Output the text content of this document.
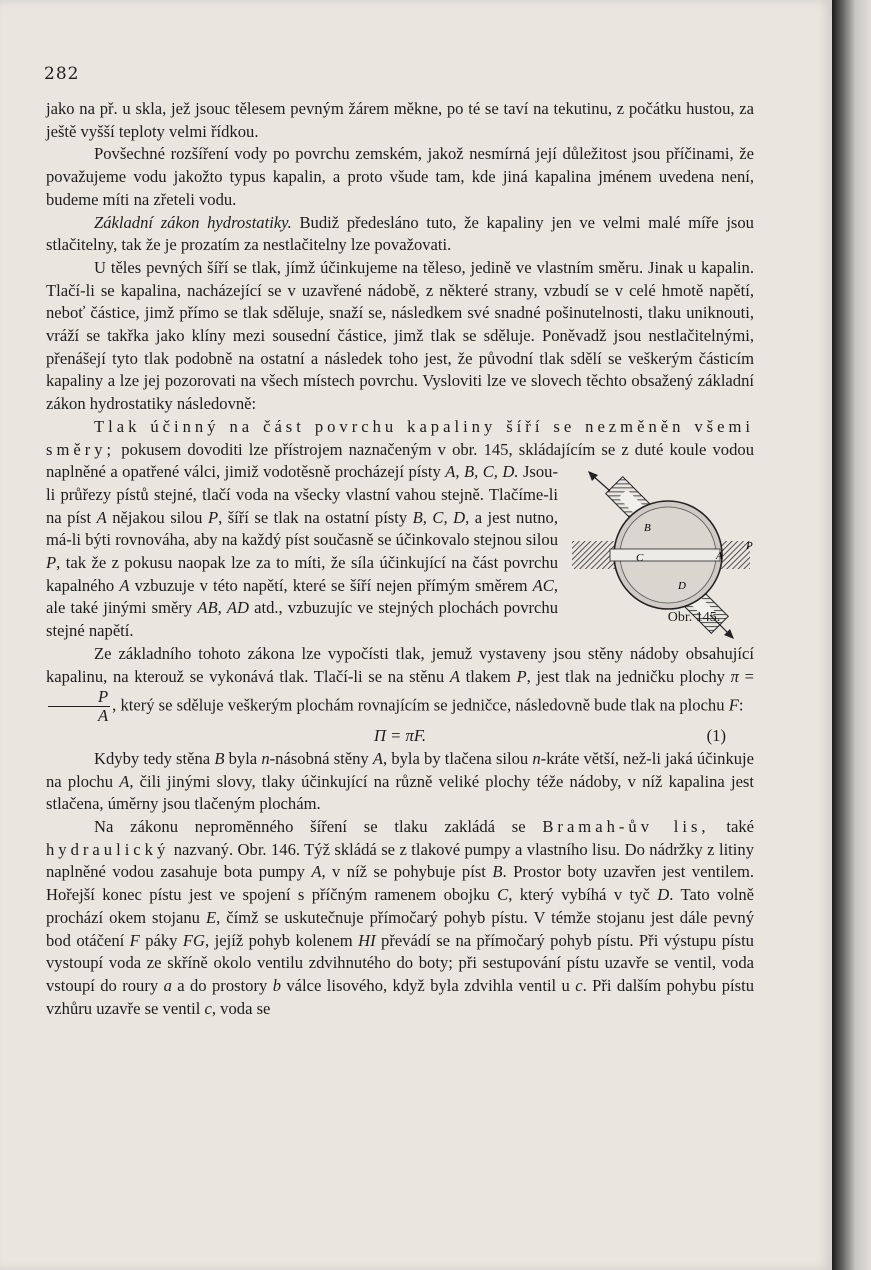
282

jako na př. u skla, jež jsouc tělesem pevným žárem měkne, po té se taví na tekutinu, z počátku hustou, za ještě vyšší teploty velmi řídkou.

Povšechné rozšíření vody po povrchu zemském, jakož nesmírná její důležitost jsou příčinami, že považujeme vodu jakožto typus kapalin, a proto všude tam, kde jiná kapalina jménem uvedena není, budeme míti na zřeteli vodu.

Základní zákon hydrostatiky. Budiž předesláno tuto, že kapaliny jen ve velmi malé míře jsou stlačitelny, tak že je prozatím za nestlačitelny lze považovati.

U těles pevných šíří se tlak, jímž účinkujeme na těleso, jedině ve vlastním směru. Jinak u kapalin. Tlačí-li se kapalina, nacházející se v uzavřené nádobě, z některé strany, vzbudí se v celé hmotě napětí, neboť částice, jimž přímo se tlak sděluje, snaží se, následkem své snadné pošinutelnosti, tlaku uniknouti, vráží se takřka jako klíny mezi sousední částice, jimž tlak se sděluje. Poněvadž jsou nestlačitelnými, přenášejí tyto tlak podobně na ostatní a následek toho jest, že původní tlak sdělí se veškerým částicím kapaliny a lze jej pozorovati na všech místech povrchu. Vysloviti lze ve slovech těchto obsažený základní zákon hydrostatiky následovně:

Tlak účinný na část povrchu kapaliny šíří se nezměněn všemi směry; pokusem dovoditi lze přístrojem naznačeným v obr. 145, skládajícím se z duté koule vodou naplněné a opatřené válci, jimiž vodotěsně procházejí písty
B
C	A
D
P
Obr. 145.
A, B, C, D. Jsou-li průřezy pístů stejné, tlačí voda na všecky vlastní vahou stejně. Tlačíme-li na píst A nějakou silou P, šíří se tlak na ostatní písty B, C, D, a jest nutno, má-li býti rovnováha, aby na každý píst současně se účinkovalo stejnou silou P, tak že z pokusu naopak lze za to míti, že síla účinkující na část povrchu kapalného A vzbuzuje v této napětí, které se šíří nejen přímým směrem AC, ale také jinými směry AB, AD atd., vzbuzujíc ve stejných plochách povrchu stejné napětí.

Ze základního tohoto zákona lze vypočísti tlak, jemuž vystaveny jsou stěny nádoby obsahující kapalinu, na kterouž se vykonává tlak. Tlačí-li se na stěnu A tlakem P, jest tlak na jedničku plochy π =
$\frac{P}{A}$ , který se sděluje veškerým plochám rovnajícím se jedničce, následovně bude tlak na plochu F:

Π = πF.	(1)

Kdyby tedy stěna B byla n-násobná stěny A, byla by tlačena silou n-kráte větší, než-li jaká účinkuje na plochu A, čili jinými slovy, tlaky účinkující na různě veliké plochy téže nádoby, v níž kapalina jest stlačena, úměrny jsou tlačeným plochám.

Na zákonu nepromĕnného šíření se tlaku zakládá se Bramah-ův lis, také hydraulický nazvaný. Obr. 146. Týž skládá se z tlakové pumpy a vlastního lisu. Do nádržky z litiny naplněné vodou zasahuje bota pumpy A, v níž se pohybuje píst B. Prostor boty uzavřen jest ventilem. Hořejší konec pístu jest ve spojení s příčným ramenem obojku C, který vybíhá v tyč D. Tato volně prochází okem stojanu E, čímž se uskutečnuje přímočarý pohyb pístu. V témže stojanu jest dále pevný bod otáčení F páky FG, jejíž pohyb kolenem HI převádí se na přímočarý pohyb pístu. Při výstupu pístu vystoupí voda ze skříně okolo ventilu zdvihnutého do boty; při sestupování pístu uzavře se ventil, voda vstoupí do roury a a do prostory b válce lisového, když byla zdvihla ventil u c. Při dalším pohybu pístu vzhůru uzavře se ventil c, voda se
